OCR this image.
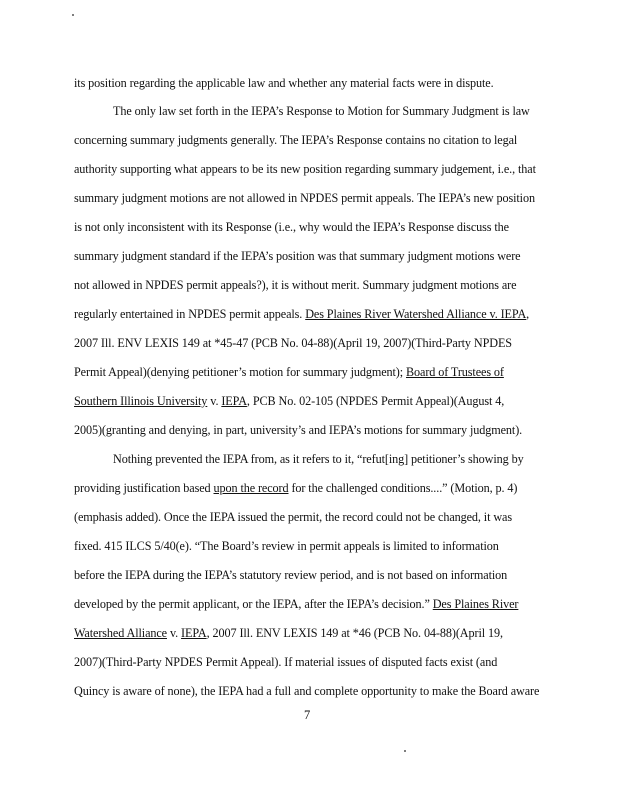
its position regarding the applicable law and whether any material facts were in dispute.
The only law set forth in the IEPA’s Response to Motion for Summary Judgment is law
concerning summary judgments generally. The IEPA’s Response contains no citation to legal
authority supporting what appears to be its new position regarding summary judgement, i.e., that
summary judgment motions are not allowed in NPDES permit appeals. The IEPA’s new position
is not only inconsistent with its Response (i.e., why would the IEPA’s Response discuss the
summary judgment standard if the IEPA’s position was that summary judgment motions were
not allowed in NPDES permit appeals?), it is without merit. Summary judgment motions are
regularly entertained in NPDES permit appeals. Des Plaines River Watershed Alliance v. IEPA,
2007 Ill. ENV LEXIS 149 at *45-47 (PCB No. 04-88)(April 19, 2007)(Third-Party NPDES
Permit Appeal)(denying petitioner’s motion for summary judgment); Board of Trustees of
Southern Illinois University v. IEPA, PCB No. 02-105 (NPDES Permit Appeal)(August 4,
2005)(granting and denying, in part, university’s and IEPA’s motions for summary judgment).
Nothing prevented the IEPA from, as it refers to it, “refut[ing] petitioner’s showing by
providing justification based upon the record for the challenged conditions....” (Motion, p. 4)
(emphasis added). Once the IEPA issued the permit, the record could not be changed, it was
fixed. 415 ILCS 5/40(e). “The Board’s review in permit appeals is limited to information
before the IEPA during the IEPA’s statutory review period, and is not based on information
developed by the permit applicant, or the IEPA, after the IEPA’s decision.” Des Plaines River
Watershed Alliance v. IEPA, 2007 Ill. ENV LEXIS 149 at *46 (PCB No. 04-88)(April 19,
2007)(Third-Party NPDES Permit Appeal). If material issues of disputed facts exist (and
Quincy is aware of none), the IEPA had a full and complete opportunity to make the Board aware
7
